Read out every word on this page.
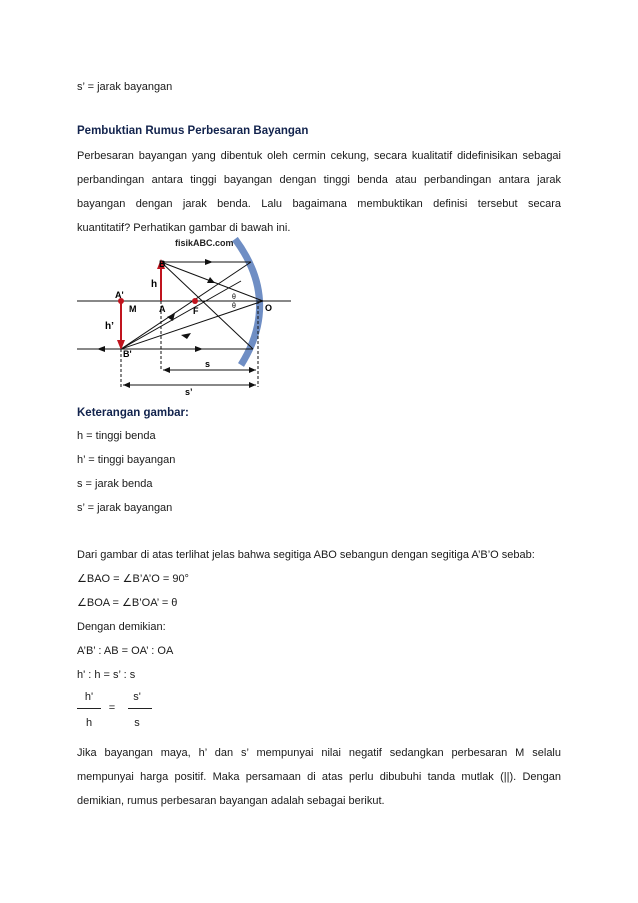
s’ = jarak bayangan
Pembuktian Rumus Perbesaran Bayangan
Perbesaran bayangan yang dibentuk oleh cermin cekung, secara kualitatif didefinisikan sebagai
perbandingan antara tinggi bayangan dengan tinggi benda atau perbandingan antara jarak
bayangan dengan jarak benda. Lalu bagaimana membuktikan definisi tersebut secara
kuantitatif? Perhatikan gambar di bawah ini.
fisikABC.com
B
h
A'
M	A	F	O
h’
B'
θ
θ
s
s’
Keterangan gambar:
h = tinggi benda
h’ = tinggi bayangan
s = jarak benda
s’ = jarak bayangan
Dari gambar di atas terlihat jelas bahwa segitiga ABO sebangun dengan segitiga A’B’O sebab:
∠BAO = ∠B’A’O = 90°
∠BOA = ∠B’OA’ = θ
Dengan demikian:
A’B’ : AB = OA’ : OA
h' : h = s’ : s
h'
h
=
s'
s
Jika bayangan maya, h’ dan s’ mempunyai nilai negatif sedangkan perbesaran M selalu
mempunyai harga positif. Maka persamaan di atas perlu dibubuhi tanda mutlak (||). Dengan
demikian, rumus perbesaran bayangan adalah sebagai berikut.
